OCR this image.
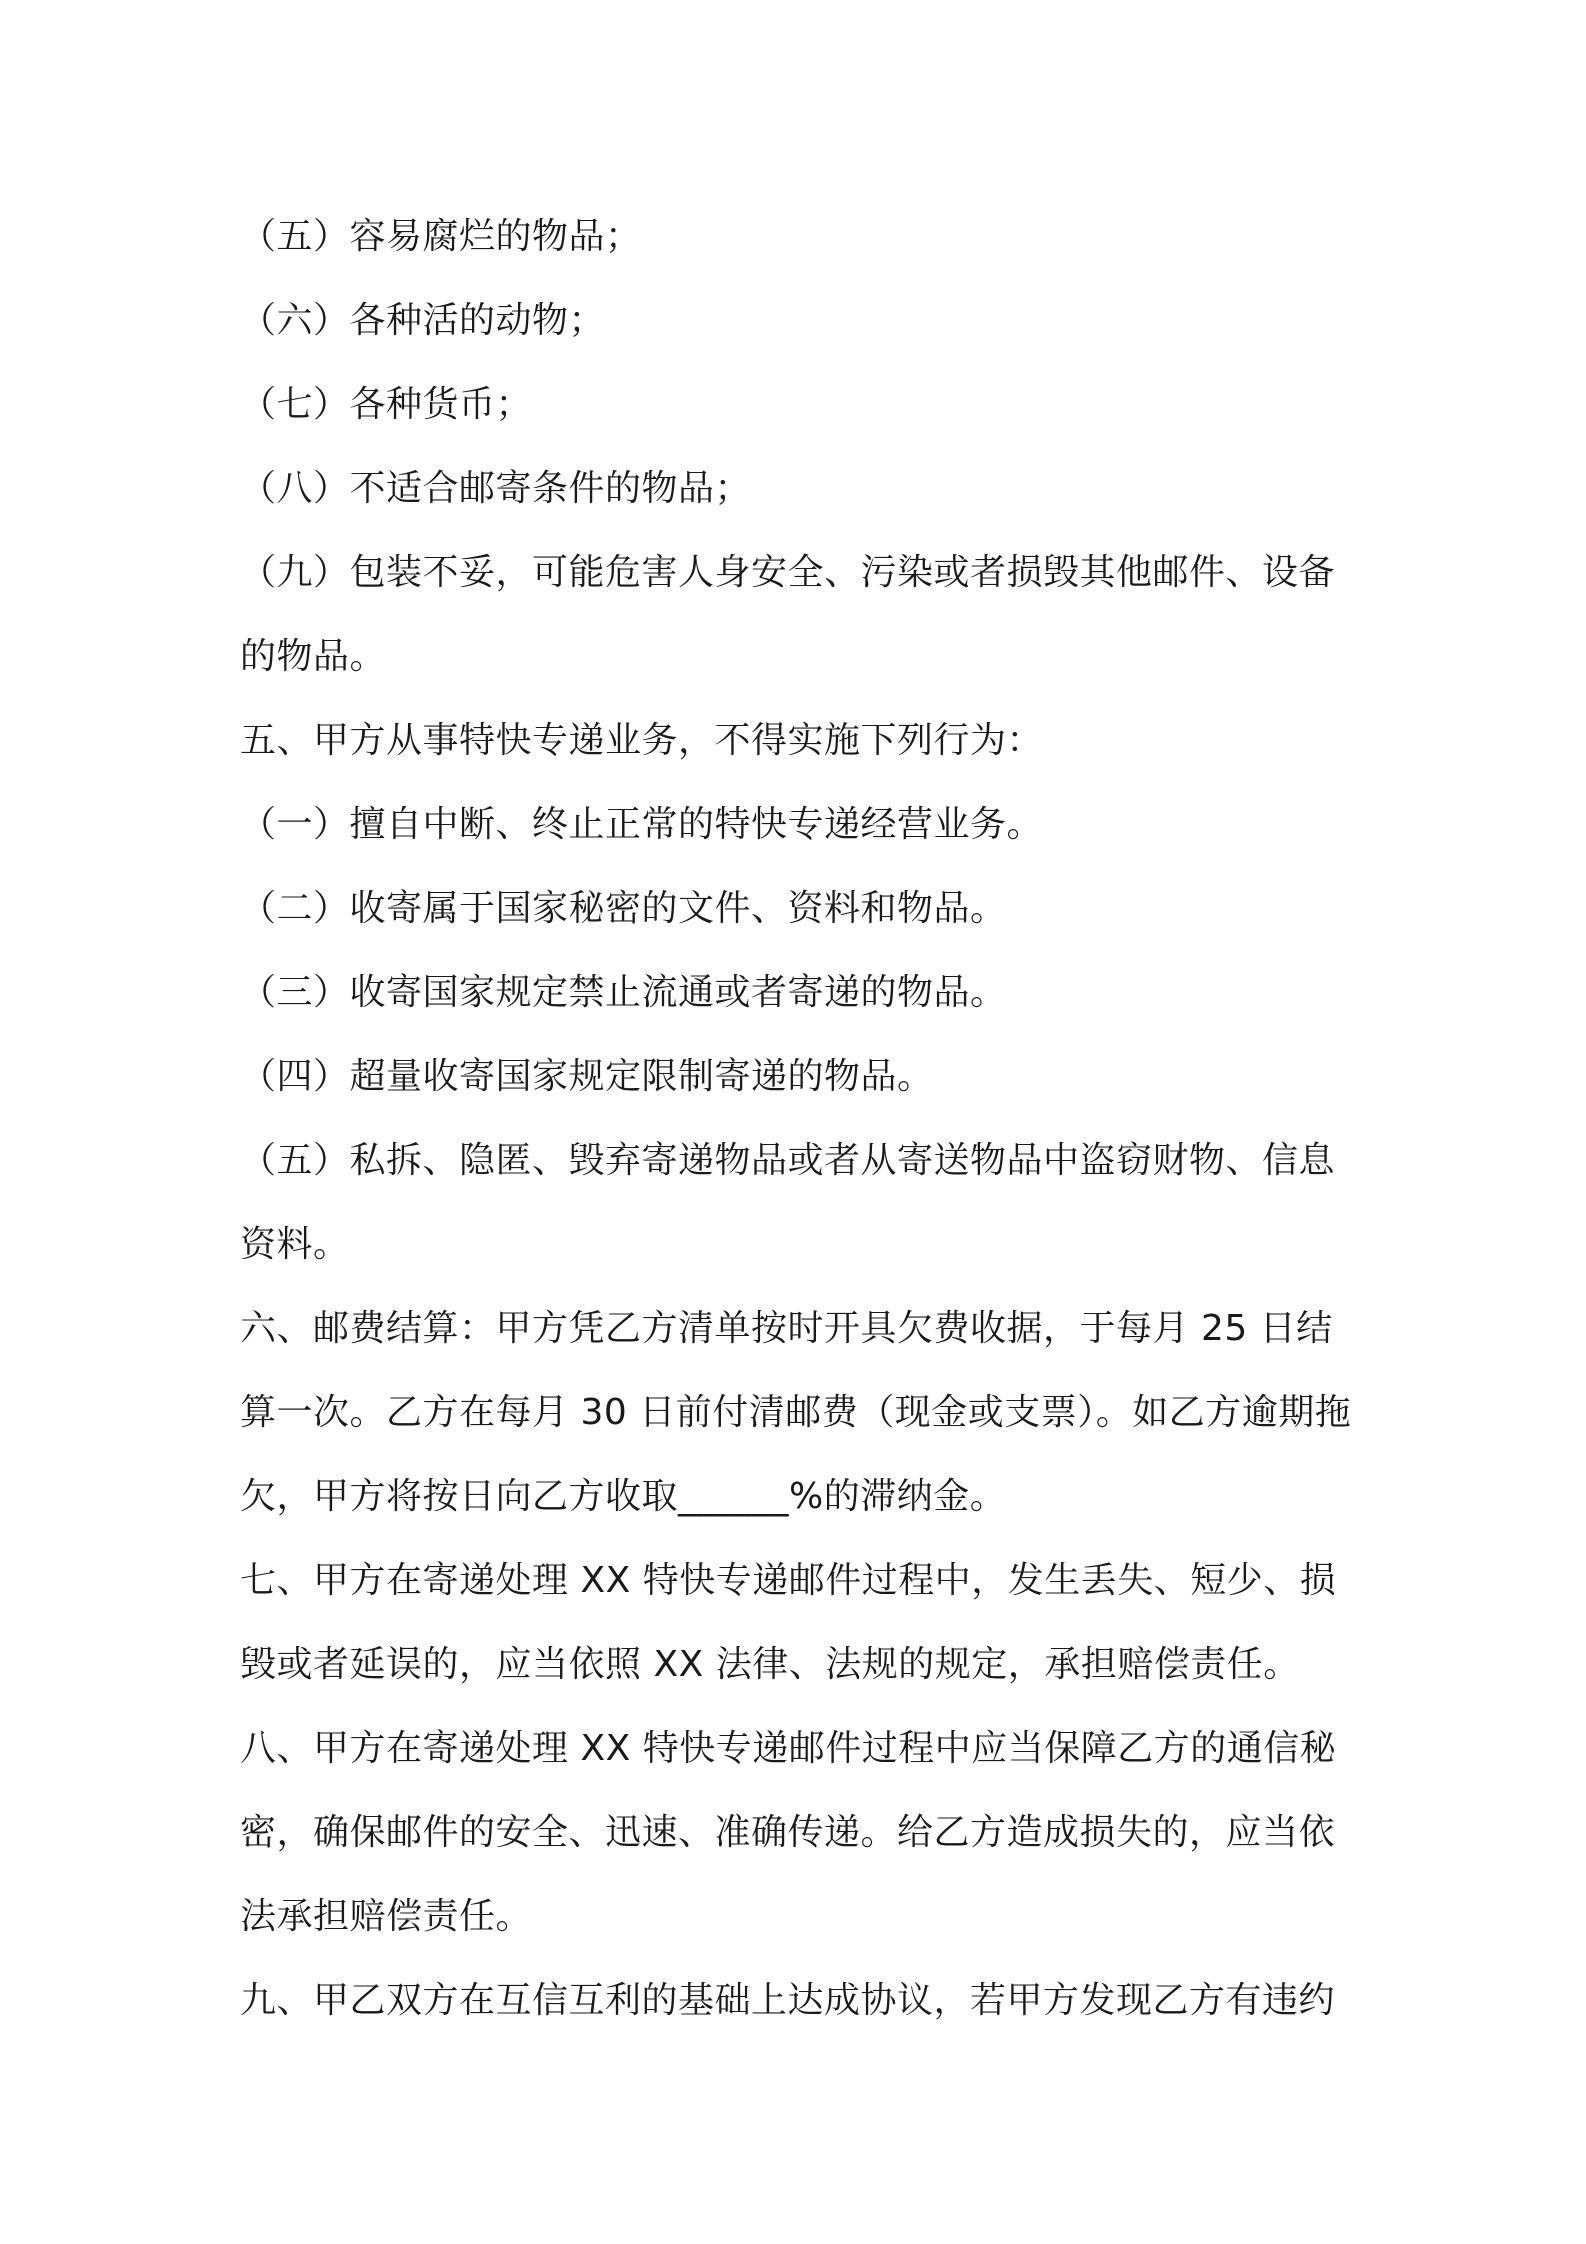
（五）容易腐烂的物品；
（六）各种活的动物；
（七）各种货币；
（八）不适合邮寄条件的物品；
（九）包装不妥，可能危害人身安全、污染或者损毁其他邮件、设备
的物品。
五、甲方从事特快专递业务，不得实施下列行为：
（一）擅自中断、终止正常的特快专递经营业务。
（二）收寄属于国家秘密的文件、资料和物品。
（三）收寄国家规定禁止流通或者寄递的物品。
（四）超量收寄国家规定限制寄递的物品。
（五）私拆、隐匿、毁弃寄递物品或者从寄送物品中盗窃财物、信息
资料。
六、邮费结算：甲方凭乙方清单按时开具欠费收据，于每月 25 日结
算一次。乙方在每月 30 日前付清邮费（现金或支票）。如乙方逾期拖
欠，甲方将按日向乙方收取______%的滞纳金。
七、甲方在寄递处理 XX 特快专递邮件过程中，发生丢失、短少、损
毁或者延误的，应当依照 XX 法律、法规的规定，承担赔偿责任。
八、甲方在寄递处理 XX 特快专递邮件过程中应当保障乙方的通信秘
密，确保邮件的安全、迅速、准确传递。给乙方造成损失的，应当依
法承担赔偿责任。
九、甲乙双方在互信互利的基础上达成协议，若甲方发现乙方有违约
